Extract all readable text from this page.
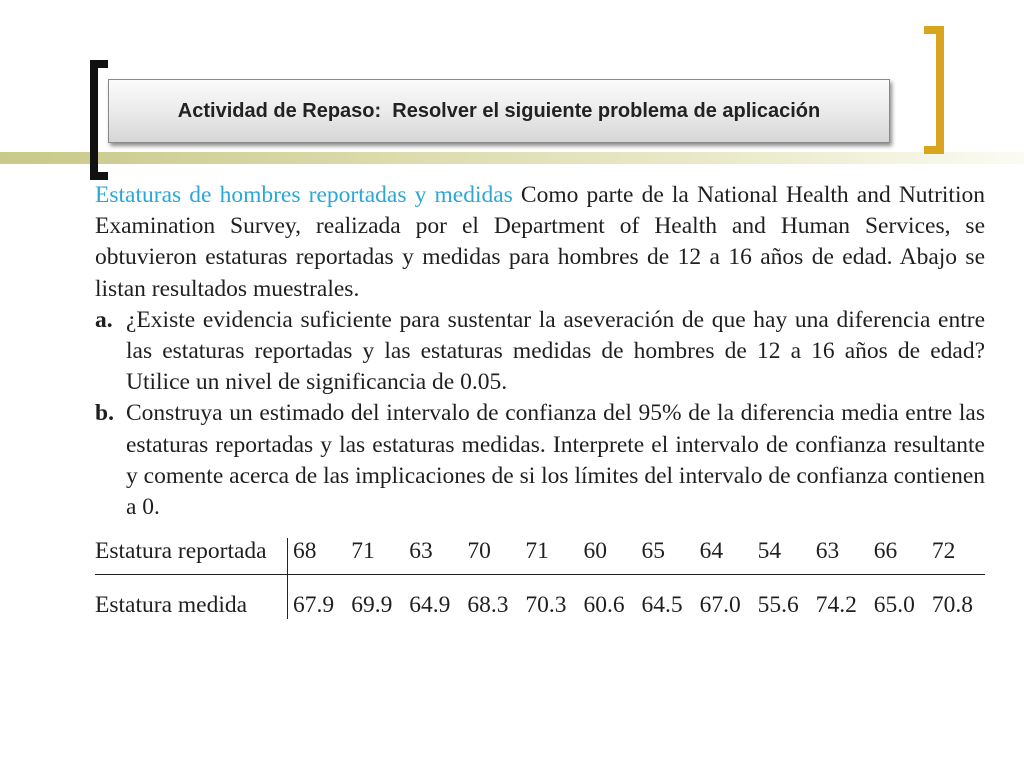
Actividad de Repaso:  Resolver el siguiente problema de aplicación

Estaturas de hombres reportadas y medidas Como parte de la National Health and Nutrition Examination Survey, realizada por el Department of Health and Human Services, se obtuvieron estaturas reportadas y medidas para hombres de 12 a 16 años de edad. Abajo se listan resultados muestrales.

a. ¿Existe evidencia suficiente para sustentar la aseveración de que hay una diferencia entre las estaturas reportadas y las estaturas medidas de hombres de 12 a 16 años de edad? Utilice un nivel de significancia de 0.05.

b. Construya un estimado del intervalo de confianza del 95% de la diferencia media entre las estaturas reportadas y las estaturas medidas. Interprete el intervalo de confianza resultante y comente acerca de las implicaciones de si los límites del intervalo de confianza contienen a 0.

Estatura reportada	68	71	63	70	71	60	65	64	54	63	66	72
Estatura medida	67.9	69.9	64.9	68.3	70.3	60.6	64.5	67.0	55.6	74.2	65.0	70.8
